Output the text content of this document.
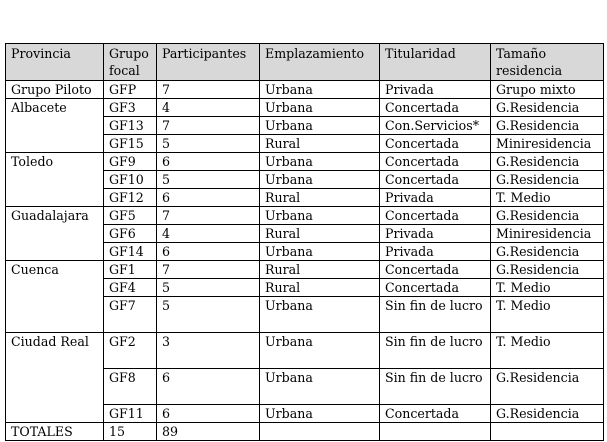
Provincia	Grupo focal	Participantes	Emplazamiento	Titularidad	Tamaño residencia
Grupo Piloto	GFP	7	Urbana	Privada	Grupo mixto
Albacete	GF3	4	Urbana	Concertada	G.Residencia
	GF13	7	Urbana	Con.Servicios*	G.Residencia
	GF15	5	Rural	Concertada	Miniresidencia
Toledo	GF9	6	Urbana	Concertada	G.Residencia
	GF10	5	Urbana	Concertada	G.Residencia
	GF12	6	Rural	Privada	T. Medio
Guadalajara	GF5	7	Urbana	Concertada	G.Residencia
	GF6	4	Rural	Privada	Miniresidencia
	GF14	6	Urbana	Privada	G.Residencia
Cuenca	GF1	7	Rural	Concertada	G.Residencia
	GF4	5	Rural	Concertada	T. Medio
	GF7	5	Urbana	Sin fin de lucro	T. Medio
Ciudad Real	GF2	3	Urbana	Sin fin de lucro	T. Medio
	GF8	6	Urbana	Sin fin de lucro	G.Residencia
	GF11	6	Urbana	Concertada	G.Residencia
TOTALES	15	89			
